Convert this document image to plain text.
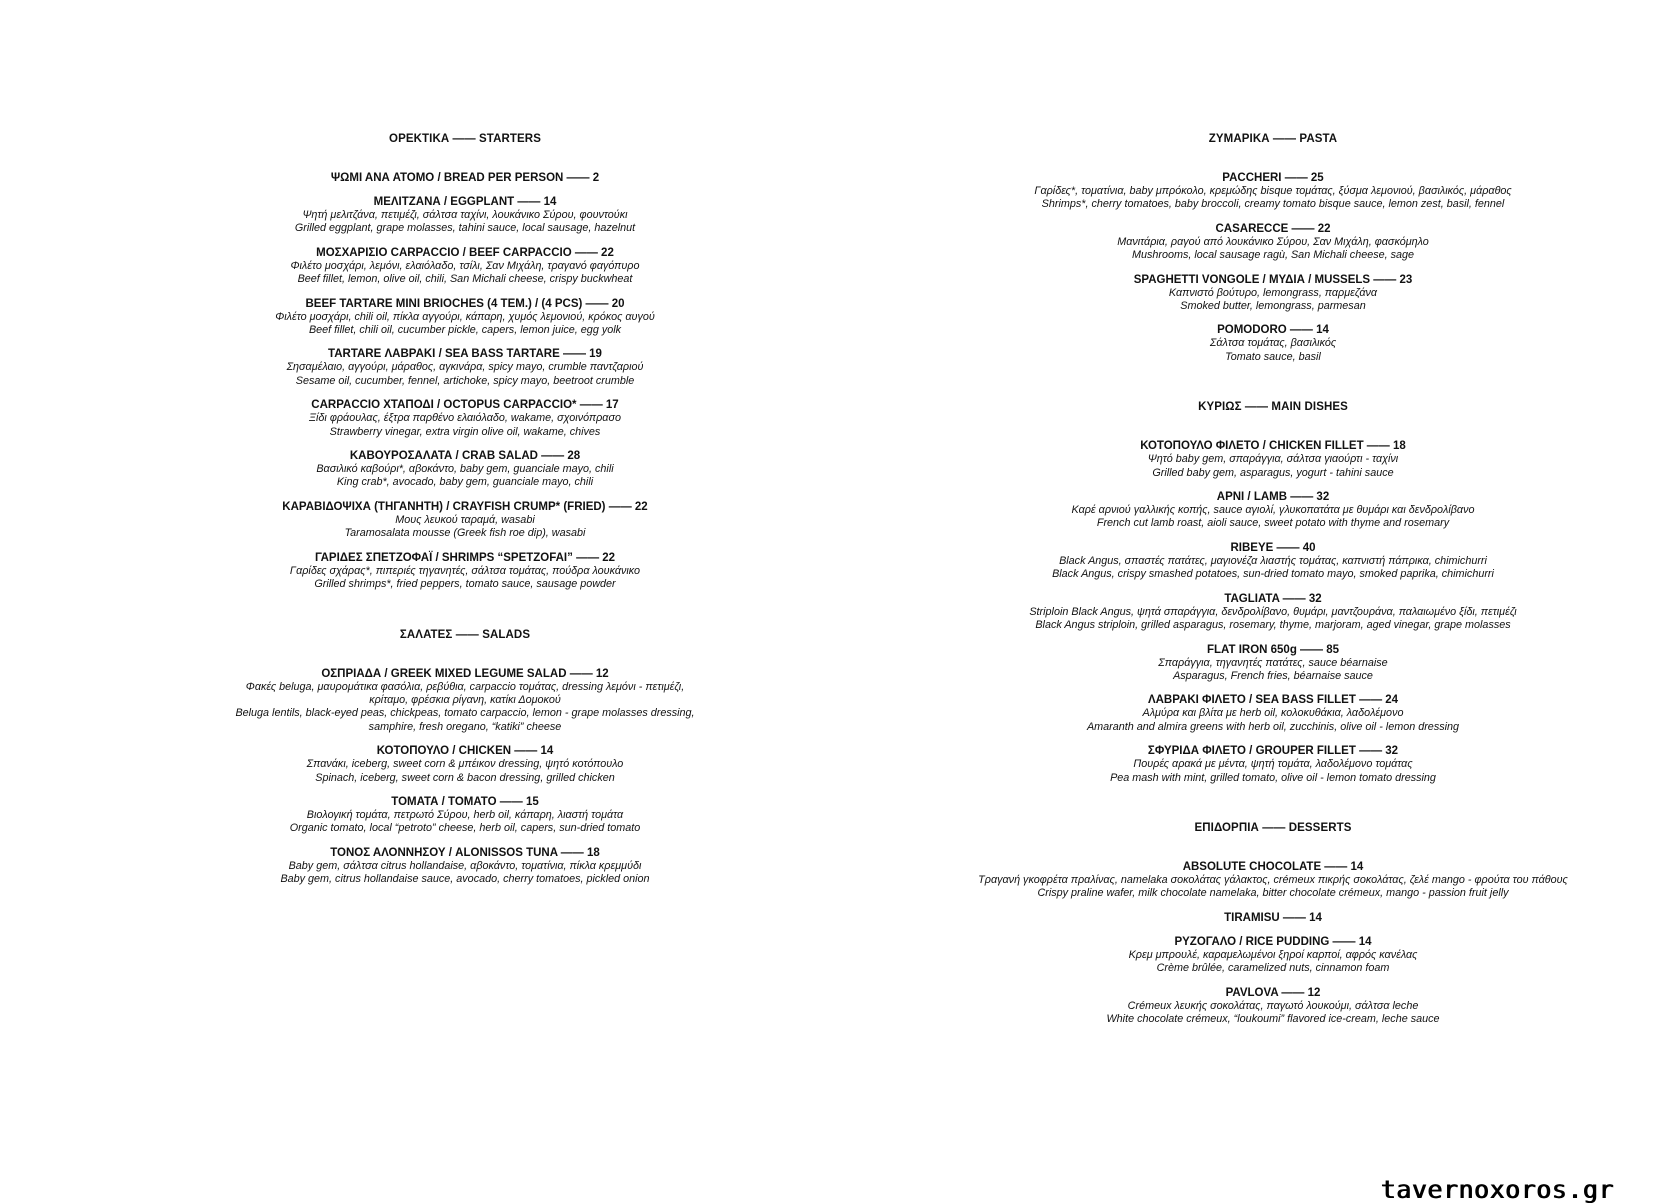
ΟΡΕΚΤΙΚΑ —— STARTERS
ΨΩΜΙ ΑΝΑ ΑΤΟΜΟ / BREAD PER PERSON —— 2
ΜΕΛΙΤΖΑΝΑ / EGGPLANT —— 14
Ψητή μελιτζάνα, πετιμέζι, σάλτσα ταχίνι, λουκάνικο Σύρου, φουντούκι
Grilled eggplant, grape molasses, tahini sauce, local sausage, hazelnut
ΜΟΣΧΑΡΙΣΙΟ CARPACCIO / BEEF CARPACCIO —— 22
Φιλέτο μοσχάρι, λεμόνι, ελαιόλαδο, τσίλι, Σαν Μιχάλη, τραγανό φαγόπυρο
Beef fillet, lemon, olive oil, chili, San Michali cheese, crispy buckwheat
BEEF TARTARE MINI BRIOCHES (4 ΤΕΜ.) / (4 PCS) —— 20
Φιλέτο μοσχάρι, chili oil, πίκλα αγγούρι, κάπαρη, χυμός λεμονιού, κρόκος αυγού
Beef fillet, chili oil, cucumber pickle, capers, lemon juice, egg yolk
TARTARE ΛΑΒΡΑΚΙ / SEA BASS TARTARE —— 19
Σησαμέλαιο, αγγούρι, μάραθος, αγκινάρα, spicy mayo, crumble παντζαριού
Sesame oil, cucumber, fennel, artichoke, spicy mayo, beetroot crumble
CARPACCIO ΧΤΑΠΟΔΙ / OCTOPUS CARPACCIO* —— 17
Ξίδι φράουλας, έξτρα παρθένο ελαιόλαδο, wakame, σχοινόπρασο
Strawberry vinegar, extra virgin olive oil, wakame, chives
ΚΑΒΟΥΡΟΣΑΛΑΤΑ / CRAB SALAD —— 28
Βασιλικό καβούρι*, αβοκάντο, baby gem, guanciale mayo, chili
King crab*, avocado, baby gem, guanciale mayo, chili
ΚΑΡΑΒΙΔΟΨΙΧΑ (ΤΗΓΑΝΗΤΗ) / CRAYFISH CRUMP* (FRIED) —— 22
Μους λευκού ταραμά, wasabi
Taramosalata mousse (Greek fish roe dip), wasabi
ΓΑΡΙΔΕΣ ΣΠΕΤΖΟΦΑΪ / SHRIMPS “SPETZOFAI” —— 22
Γαρίδες σχάρας*, πιπεριές τηγανητές, σάλτσα τομάτας, πούδρα λουκάνικο
Grilled shrimps*, fried peppers, tomato sauce, sausage powder
ΣΑΛΑΤΕΣ —— SALADS
ΟΣΠΡΙΑΔΑ / GREEK MIXED LEGUME SALAD —— 12
Φακές beluga, μαυρομάτικα φασόλια, ρεβύθια, carpaccio τομάτας, dressing λεμόνι - πετιμέζι,
κρίταμο, φρέσκια ρίγανη, κατίκι Δομοκού
Beluga lentils, black-eyed peas, chickpeas, tomato carpaccio, lemon - grape molasses dressing,
samphire, fresh oregano, “katiki” cheese
ΚΟΤΟΠΟΥΛΟ / CHICKEN —— 14
Σπανάκι, iceberg, sweet corn & μπέικον dressing, ψητό κοτόπουλο
Spinach, iceberg, sweet corn & bacon dressing, grilled chicken
ΤΟΜΑΤΑ / TOMATO —— 15
Βιολογική τομάτα, πετρωτό Σύρου, herb oil, κάπαρη, λιαστή τομάτα
Organic tomato, local “petroto” cheese, herb oil, capers, sun-dried tomato
ΤΟΝΟΣ ΑΛΟΝΝΗΣΟΥ / ALONISSOS TUNA —— 18
Baby gem, σάλτσα citrus hollandaise, αβοκάντο, τοματίνια, πίκλα κρεμμύδι
Baby gem, citrus hollandaise sauce, avocado, cherry tomatoes, pickled onion
ΖΥΜΑΡΙΚΑ —— PASTA
PACCHERI —— 25
Γαρίδες*, τοματίνια, baby μπρόκολο, κρεμώδης bisque τομάτας, ξύσμα λεμονιού, βασιλικός, μάραθος
Shrimps*, cherry tomatoes, baby broccoli, creamy tomato bisque sauce, lemon zest, basil, fennel
CASARECCE —— 22
Μανιτάρια, ραγού από λουκάνικο Σύρου, Σαν Μιχάλη, φασκόμηλο
Mushrooms, local sausage ragù, San Michali cheese, sage
SPAGHETTI VONGOLE / ΜΥΔΙΑ / MUSSELS —— 23
Καπνιστό βούτυρο, lemongrass, παρμεζάνα
Smoked butter, lemongrass, parmesan
POMODORO —— 14
Σάλτσα τομάτας, βασιλικός
Tomato sauce, basil
ΚΥΡΙΩΣ —— MAIN DISHES
ΚΟΤΟΠΟΥΛΟ ΦΙΛΕΤΟ / CHICKEN FILLET —— 18
Ψητό baby gem, σπαράγγια, σάλτσα γιαούρτι - ταχίνι
Grilled baby gem, asparagus, yogurt - tahini sauce
ΑΡΝΙ / LAMB —— 32
Καρέ αρνιού γαλλικής κοπής, sauce αγιολί, γλυκοπατάτα με θυμάρι και δενδρολίβανο
French cut lamb roast, aioli sauce, sweet potato with thyme and rosemary
RIBEYE —— 40
Black Angus, σπαστές πατάτες, μαγιονέζα λιαστής τομάτας, καπνιστή πάπρικα, chimichurri
Black Angus, crispy smashed potatoes, sun-dried tomato mayo, smoked paprika, chimichurri
TAGLIATA —— 32
Striploin Black Angus, ψητά σπαράγγια, δενδρολίβανο, θυμάρι, μαντζουράνα, παλαιωμένο ξίδι, πετιμέζι
Black Angus striploin, grilled asparagus, rosemary, thyme, marjoram, aged vinegar, grape molasses
FLAT IRON 650g —— 85
Σπαράγγια, τηγανητές πατάτες, sauce béarnaise
Asparagus, French fries, béarnaise sauce
ΛΑΒΡΑΚΙ ΦΙΛΕΤΟ / SEA BASS FILLET —— 24
Αλμύρα και βλίτα με herb oil, κολοκυθάκια, λαδολέμονο
Amaranth and almira greens with herb oil, zucchinis, olive oil - lemon dressing
ΣΦΥΡΙΔΑ ΦΙΛΕΤΟ / GROUPER FILLET —— 32
Πουρές αρακά με μέντα, ψητή τομάτα, λαδολέμονο τομάτας
Pea mash with mint, grilled tomato, olive oil - lemon tomato dressing
ΕΠΙΔΟΡΠΙΑ —— DESSERTS
ABSOLUTE CHOCOLATE —— 14
Τραγανή γκοφρέτα πραλίνας, namelaka σοκολάτας γάλακτος, crémeux πικρής σοκολάτας, ζελέ mango - φρούτα του πάθους
Crispy praline wafer, milk chocolate namelaka, bitter chocolate crémeux, mango - passion fruit jelly
TIRAMISU —— 14
ΡΥΖΟΓΑΛΟ / RICE PUDDING —— 14
Κρεμ μπρουλέ, καραμελωμένοι ξηροί καρποί, αφρός κανέλας
Crème brûlée, caramelized nuts, cinnamon foam
PAVLOVA —— 12
Crémeux λευκής σοκολάτας, παγωτό λουκούμι, σάλτσα leche
White chocolate crémeux, “loukoumi” flavored ice-cream, leche sauce
tavernoxoros.gr
